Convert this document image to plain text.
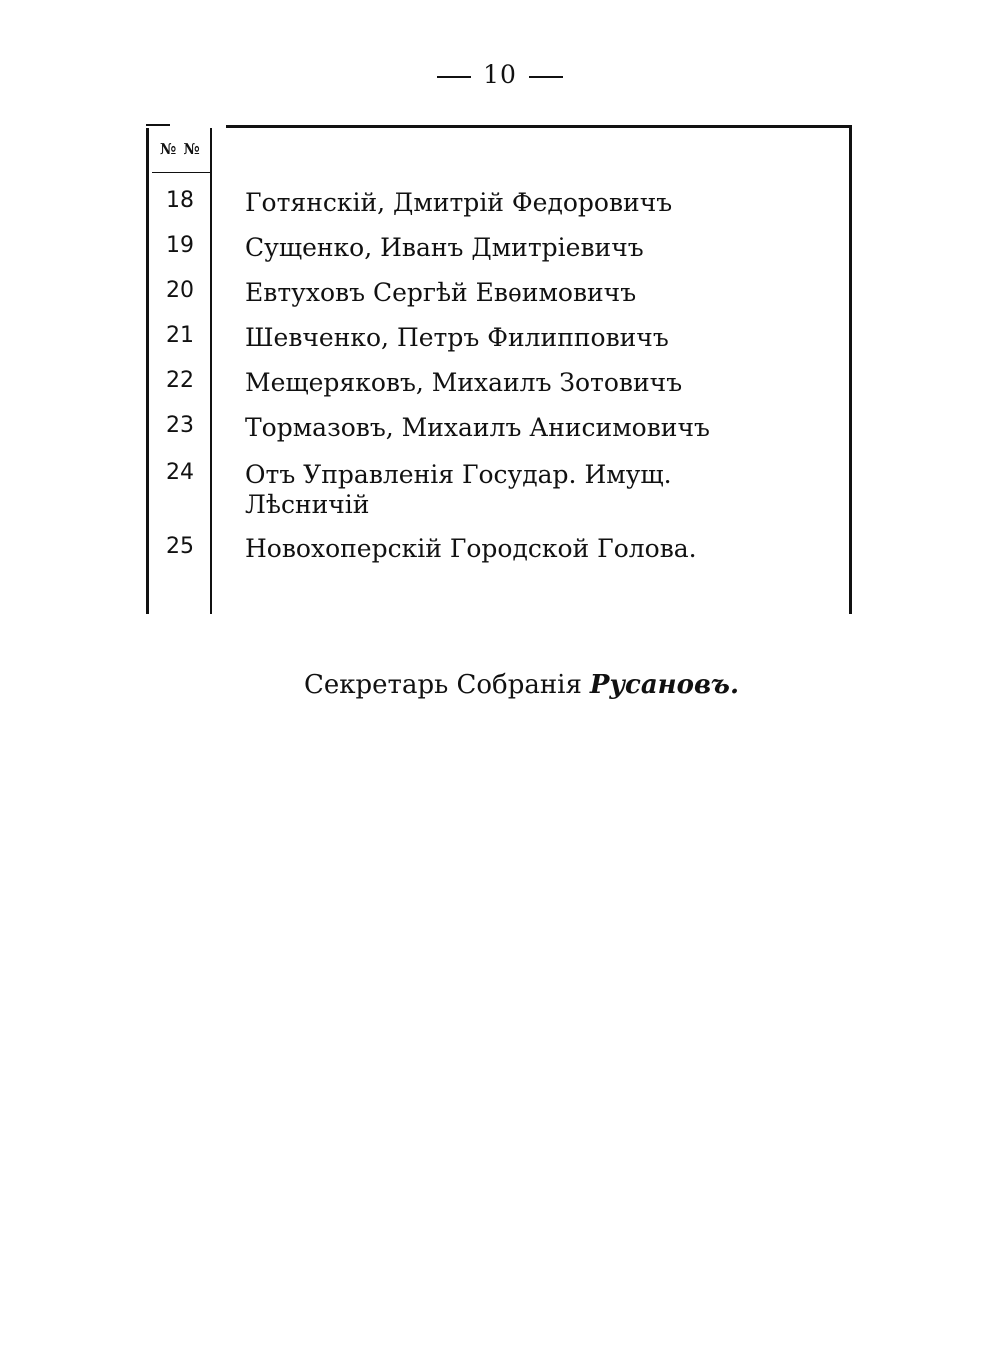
10
№ №
18	Готянскій, Дмитрій Федоровичъ
19	Сущенко, Иванъ Дмитріевичъ
20	Евтуховъ Сергѣй Евѳимовичъ
21	Шевченко, Петръ Филипповичъ
22	Мещеряковъ, Михаилъ Зотовичъ
23	Тормазовъ, Михаилъ Анисимовичъ
24	Отъ Управленія Государ. Имущ.
Лѣсничій
25	Новохоперскій Городской Голова.
Секретарь Собранія Русановъ.
